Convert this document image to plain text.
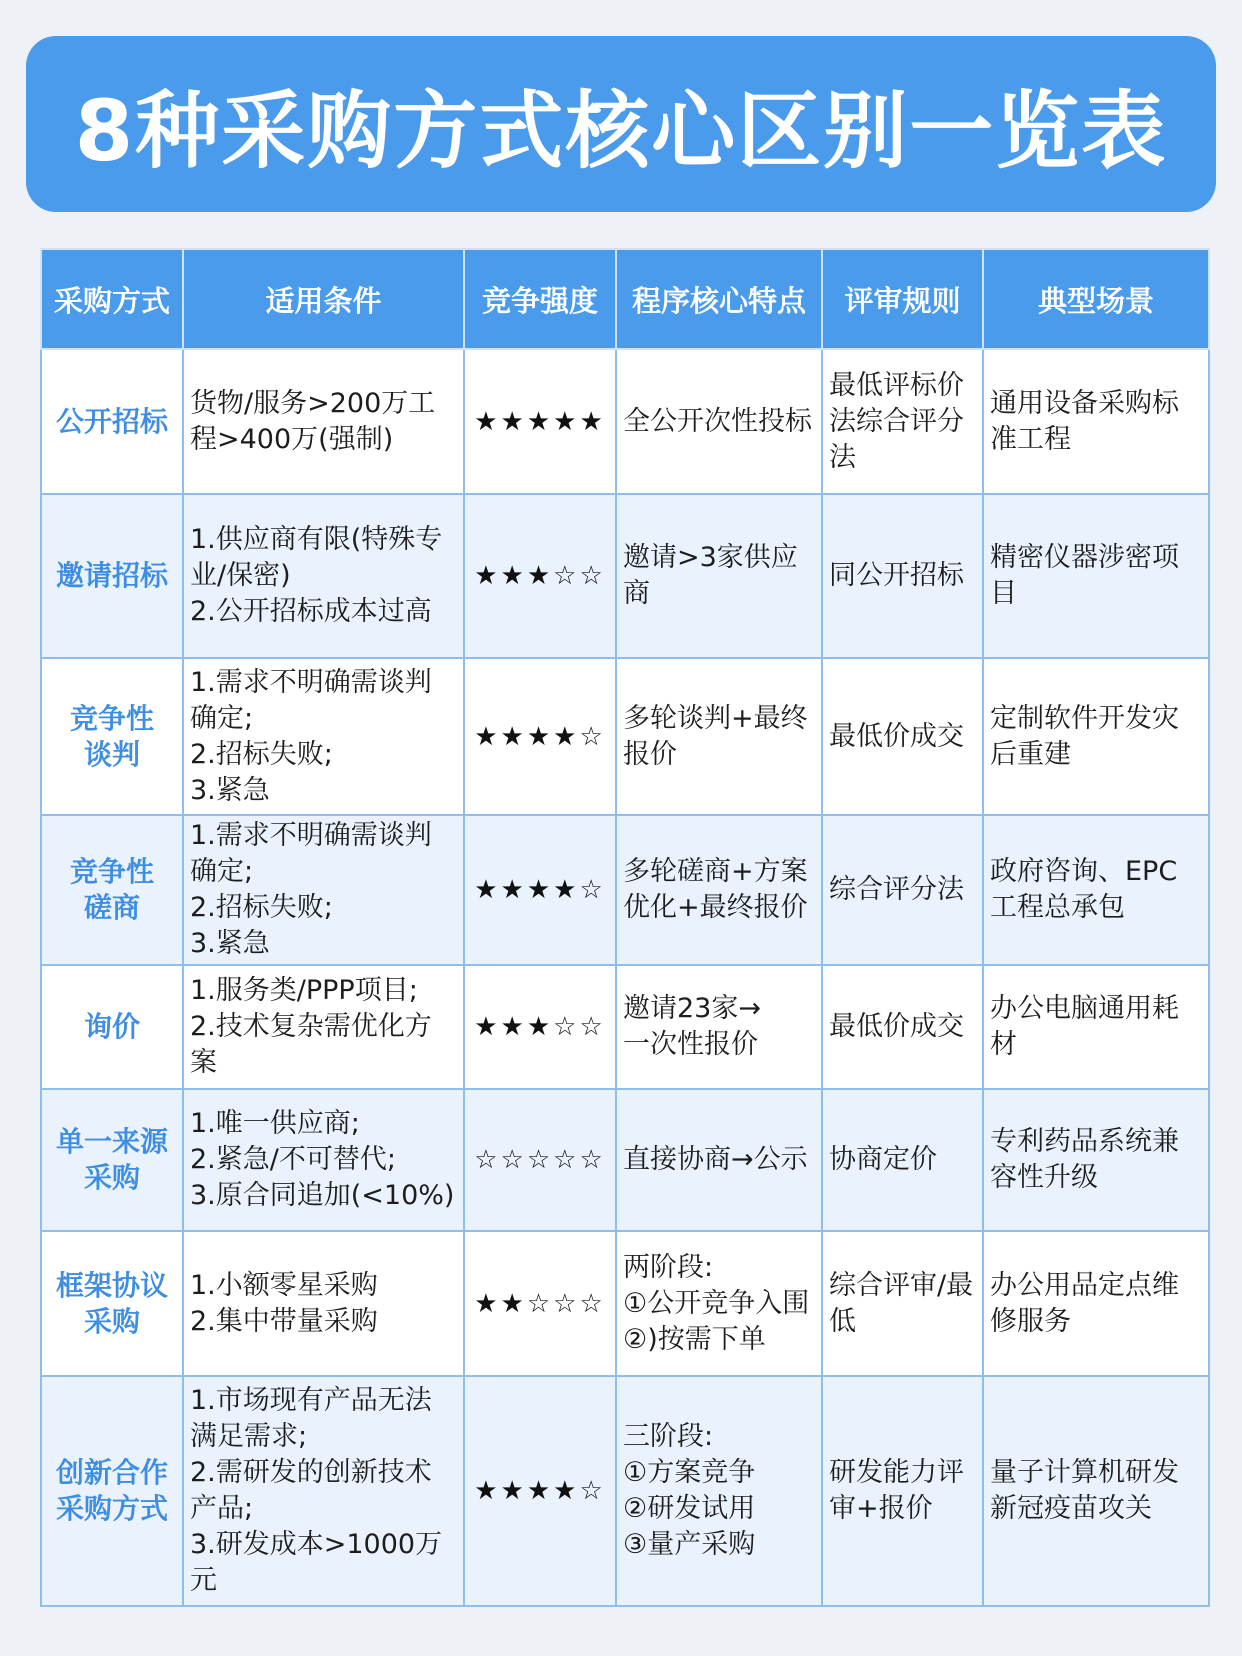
8种采购方式核心区别一览表
采购方式	适用条件	竞争强度	程序核心特点	评审规则	典型场景

公开招标	货物/服务>200万工程>400万(强制)	★★★★★	全公开次性投标	最低评标价法综合评分法	通用设备采购标准工程

邀请招标	1.供应商有限(特殊专业/保密)
2.公开招标成本过高	★★★☆☆	邀请>3家供应商	同公开招标	精密仪器涉密项目

竞争性
谈判	1.需求不明确需谈判确定;
2.招标失败;
3.紧急	★★★★☆	多轮谈判+最终报价	最低价成交	定制软件开发灾后重建

竞争性
磋商	1.需求不明确需谈判确定;
2.招标失败;
3.紧急	★★★★☆	多轮磋商+方案优化+最终报价	综合评分法	政府咨询、EPC工程总承包

询价	1.服务类/PPP项目;
2.技术复杂需优化方案	★★★☆☆	邀请23家→
一次性报价	最低价成交	办公电脑通用耗材

单一来源
采购	1.唯一供应商;
2.紧急/不可替代;
3.原合同追加(<10%)	☆☆☆☆☆	直接协商→公示	协商定价	专利药品系统兼容性升级

框架协议
采购	1.小额零星采购
2.集中带量采购	★★☆☆☆	两阶段:
①公开竞争入围
②)按需下单	综合评审/最低	办公用品定点维修服务

创新合作
采购方式	1.市场现有产品无法满足需求;
2.需研发的创新技术产品;
3.研发成本>1000万元	★★★★☆	三阶段:
①方案竞争
②研发试用
③量产采购	研发能力评审+报价	量子计算机研发新冠疫苗攻关
